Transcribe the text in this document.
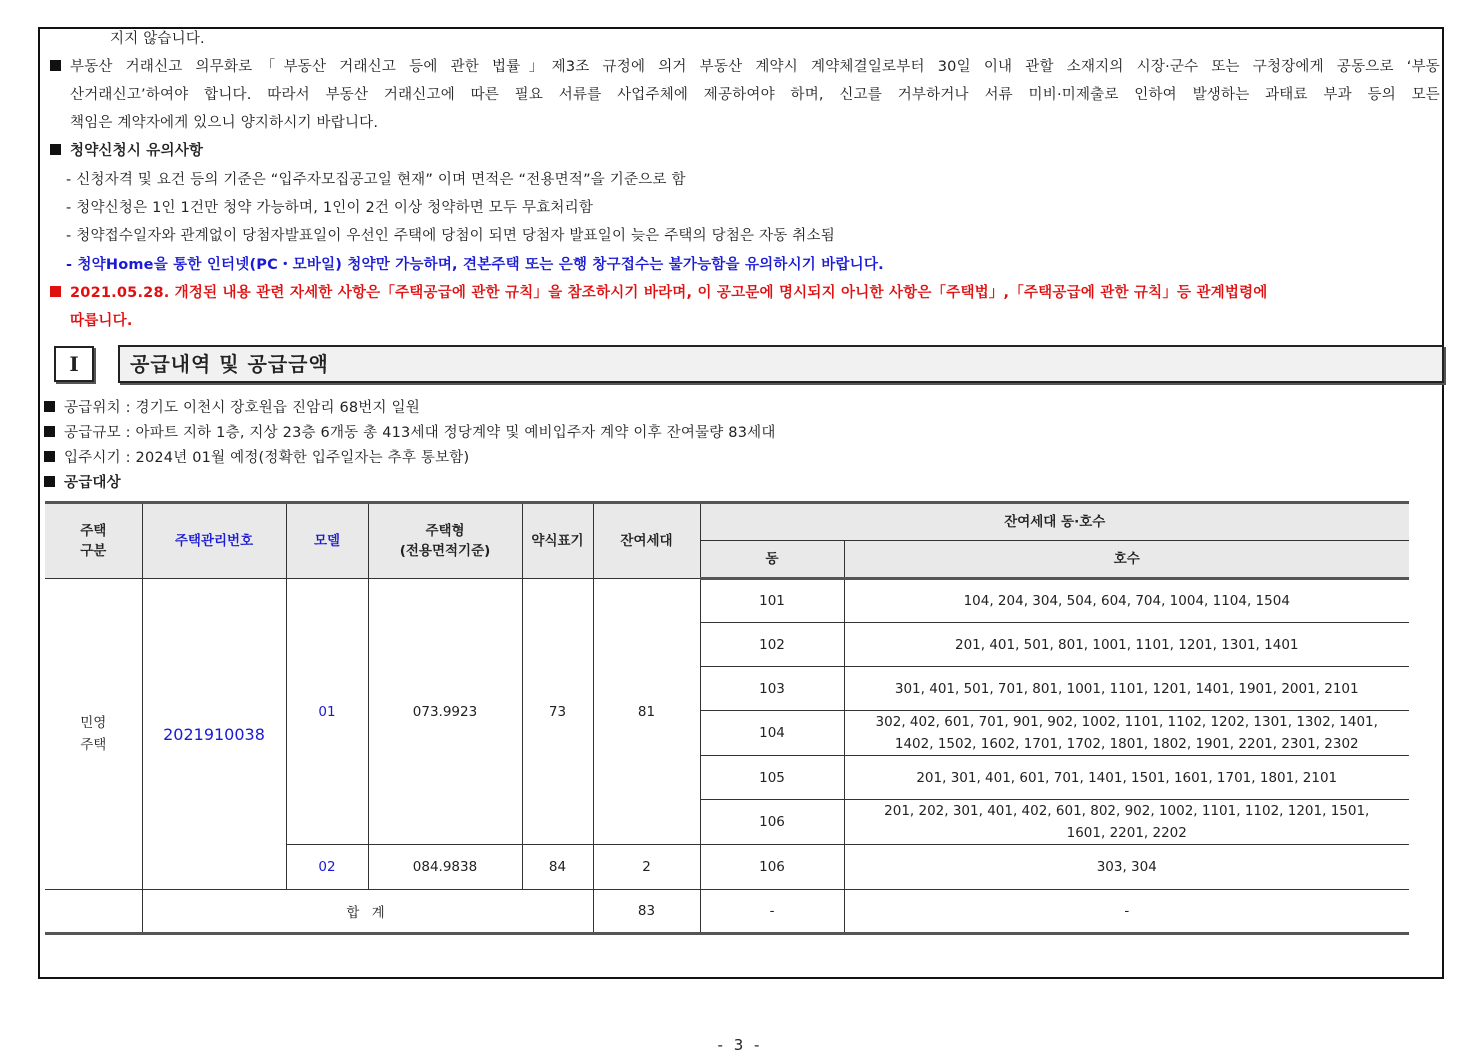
지지 않습니다.
부동산 거래신고 의무화로「부동산 거래신고 등에 관한 법률」제3조 규정에 의거 부동산 계약시 계약체결일로부터 30일 이내 관할 소재지의 시장·군수 또는 구청장에게 공동으로 ‘부동
산거래신고’하여야 합니다. 따라서 부동산 거래신고에 따른 필요 서류를 사업주체에 제공하여야 하며, 신고를 거부하거나 서류 미비·미제출로 인하여 발생하는 과태료 부과 등의 모든
책임은 계약자에게 있으니 양지하시기 바랍니다.
청약신청시 유의사항
- 신청자격 및 요건 등의 기준은 “입주자모집공고일 현재” 이며 면적은 “전용면적”을 기준으로 함
- 청약신청은 1인 1건만 청약 가능하며, 1인이 2건 이상 청약하면 모두 무효처리함
- 청약접수일자와 관계없이 당첨자발표일이 우선인 주택에 당첨이 되면 당첨자 발표일이 늦은 주택의 당첨은 자동 취소됨
- 청약Home을 통한 인터넷(PC・모바일) 청약만 가능하며, 견본주택 또는 은행 창구접수는 불가능함을 유의하시기 바랍니다.
2021.05.28. 개정된 내용 관련 자세한 사항은「주택공급에 관한 규칙」을 참조하시기 바라며, 이 공고문에 명시되지 아니한 사항은「주택법」,「주택공급에 관한 규칙」등 관계법령에
따릅니다.
I	공급내역 및 공급금액
공급위치 : 경기도 이천시 장호원읍 진암리 68번지 일원
공급규모 : 아파트 지하 1층, 지상 23층 6개동 총 413세대 정당계약 및 예비입주자 계약 이후 잔여물량 83세대
입주시기 : 2024년 01월 예정(정확한 입주일자는 추후 통보함)
공급대상
주택
구분	주택관리번호	모델	주택형
(전용면적기준)	약식표기	잔여세대	잔여세대 동·호수	
						동	호수
민영
주택	2021910038	01	073.9923	73	81	101	104, 204, 304, 504, 604, 704, 1004, 1104, 1504
						102	201, 401, 501, 801, 1001, 1101, 1201, 1301, 1401
						103	301, 401, 501, 701, 801, 1001, 1101, 1201, 1401, 1901, 2001, 2101
						104	302, 402, 601, 701, 901, 902, 1002, 1101, 1102, 1202, 1301, 1302, 1401,
1402, 1502, 1602, 1701, 1702, 1801, 1802, 1901, 2201, 2301, 2302
						105	201, 301, 401, 601, 701, 1401, 1501, 1601, 1701, 1801, 2101
						106	201, 202, 301, 401, 402, 601, 802, 902, 1002, 1101, 1102, 1201, 1501,
1601, 2201, 2202
		02	084.9838	84	2	106	303, 304
	합 계				83	-	-
- 3 -
